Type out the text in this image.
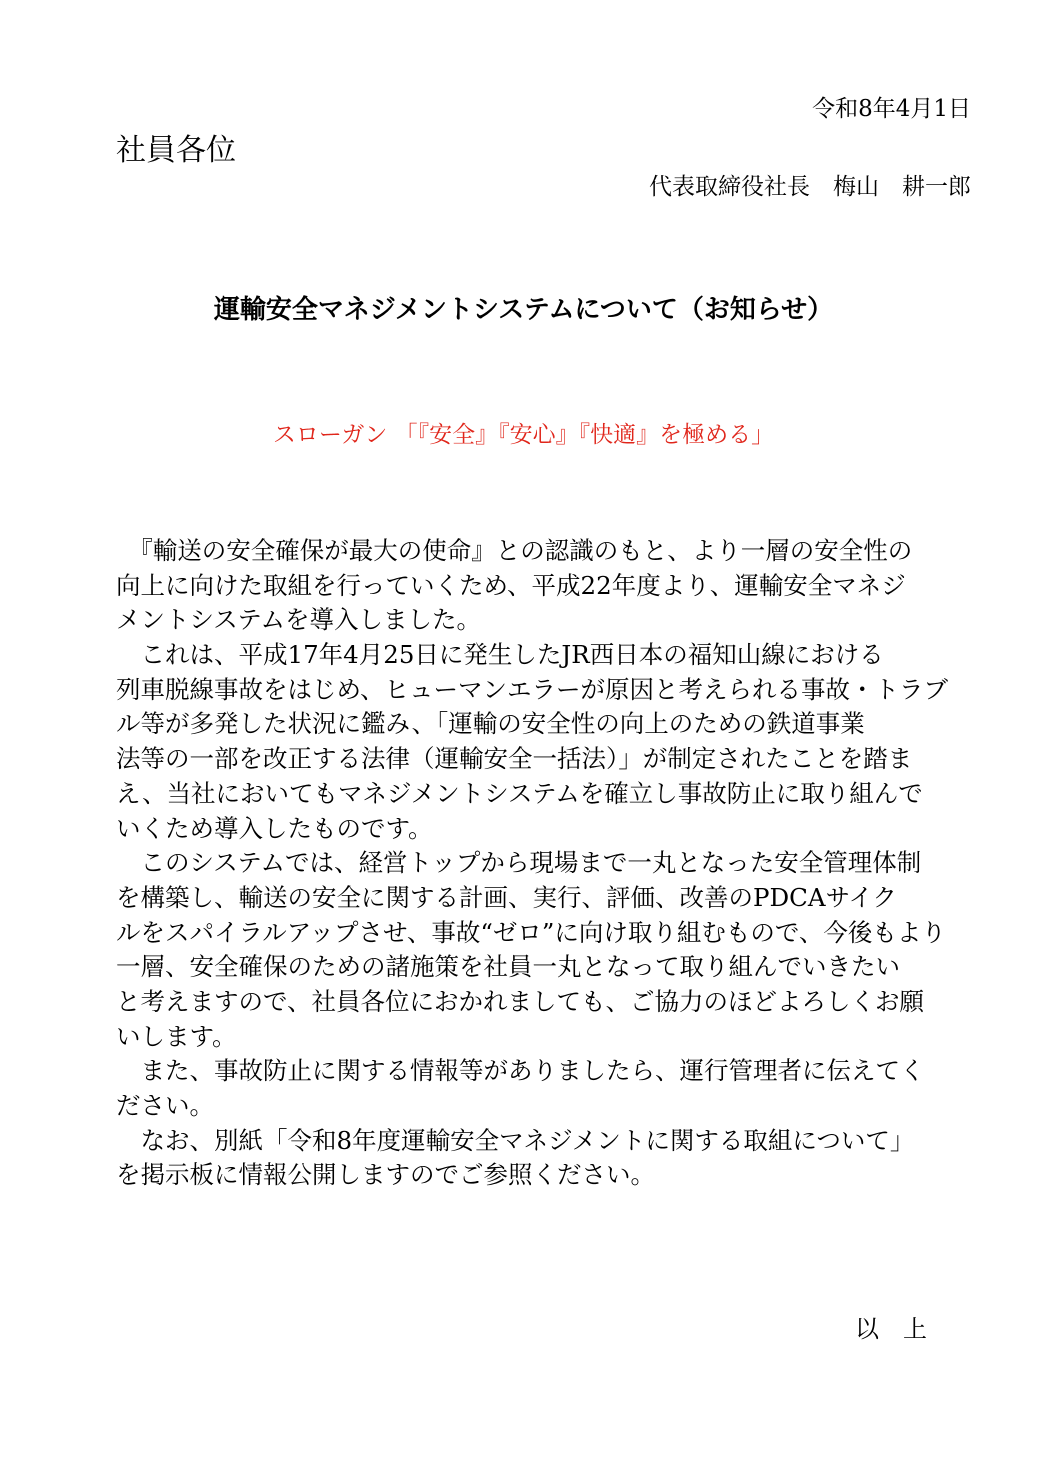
令和8年4月1日
社員各位
代表取締役社長　梅山　耕一郎
運輸安全マネジメントシステムについて（お知らせ）
スローガン 「『安全』『安心』『快適』を極める」
　『輸送の安全確保が最大の使命』との認識のもと、より一層の安全性の
向上に向けた取組を行っていくため、平成22年度より、運輸安全マネジ
メントシステムを導入しました。
　これは、平成17年4月25日に発生したJR西日本の福知山線における
列車脱線事故をはじめ、ヒューマンエラーが原因と考えられる事故・トラブ
ル等が多発した状況に鑑み、「運輸の安全性の向上のための鉄道事業
法等の一部を改正する法律（運輸安全一括法）」が制定されたことを踏ま
え、当社においてもマネジメントシステムを確立し事故防止に取り組んで
いくため導入したものです。
　このシステムでは、経営トップから現場まで一丸となった安全管理体制
を構築し、輸送の安全に関する計画、実行、評価、改善のPDCAサイク
ルをスパイラルアップさせ、事故“ゼロ”に向け取り組むもので、今後もより
一層、安全確保のための諸施策を社員一丸となって取り組んでいきたい
と考えますので、社員各位におかれましても、ご協力のほどよろしくお願
いします。
　また、事故防止に関する情報等がありましたら、運行管理者に伝えてく
ださい。
　なお、別紙「令和8年度運輸安全マネジメントに関する取組について」
を掲示板に情報公開しますのでご参照ください。
以　上
